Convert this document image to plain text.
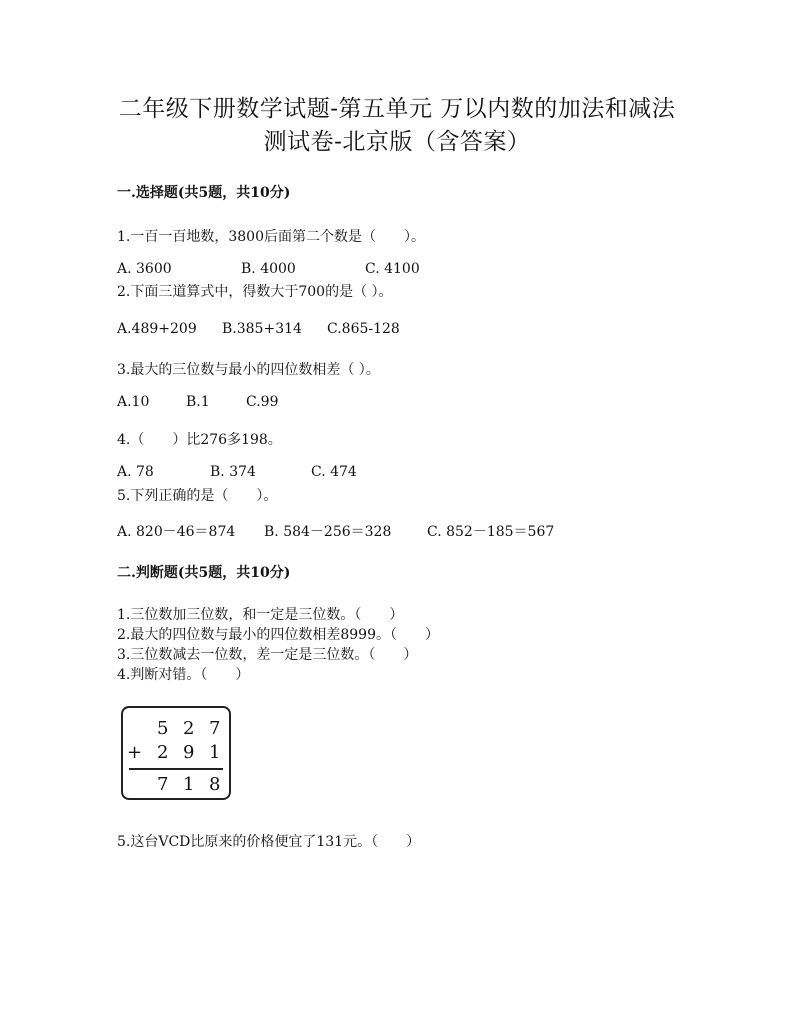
二年级下册数学试题-第五单元 万以内数的加法和减法
测试卷-北京版（含答案）
一.选择题(共5题，共10分)
1.一百一百地数，3800后面第二个数是（　　）。
A. 3600	B. 4000	C. 4100
2.下面三道算式中，得数大于700的是（ ）。
A.489+209 B.385+314 C.865-128
3.最大的三位数与最小的四位数相差（ ）。
A.10	B.1	C.99
4.（　　）比276多198。
A. 78	B. 374	C. 474
5.下列正确的是（　　）。
A. 820－46＝874 B. 584－256＝328	C. 852－185＝567
二.判断题(共5题，共10分)
1.三位数加三位数，和一定是三位数。（　　）
2.最大的四位数与最小的四位数相差8999。（　　）
3.三位数减去一位数，差一定是三位数。（　　）
4.判断对错。（　　）
5 2 7
+ 2 9 1
7 1 8
5.这台VCD比原来的价格便宜了131元。（　　）
